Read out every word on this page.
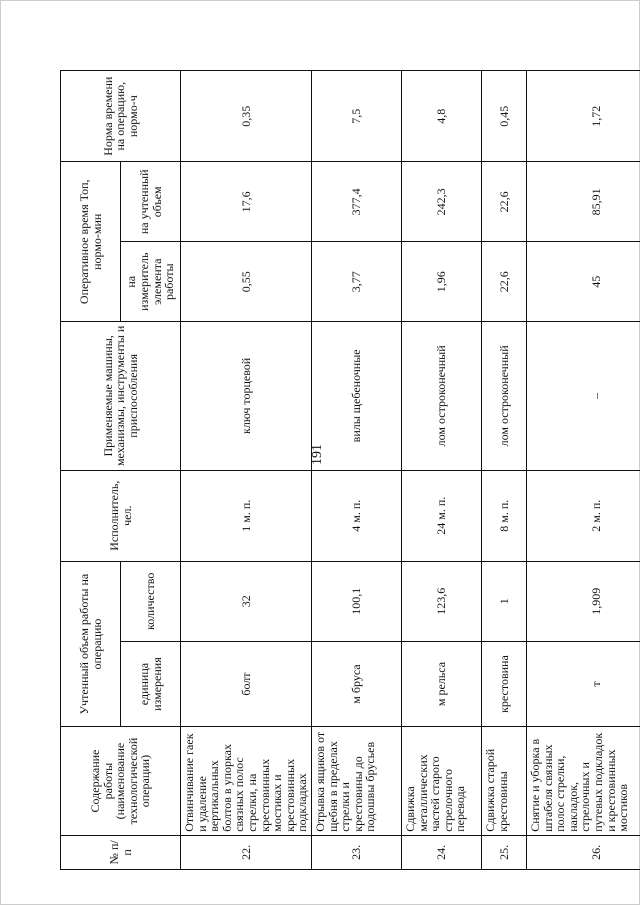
191
№ п/п	Содержание работы (наименование технологической операции)	Учтенный объем работы на операцию		Исполнитель, чел.	Применяемые машины, механизмы, инструменты и приспособления	Оперативное время Топ, нормо-мин		Норма времени на операцию, нормо-ч
		единица измерения	количество			на измеритель элемента работы	на учтенный объем	
22.	Отвинчивание гаек и удаление вертикальных болтов в упорках связных полос стрелки, на крестовинных мостиках и крестовинных подкладках	болт	32	1 м. п.	ключ торцевой	0,55	17,6	0,35
23.	Отрывка ящиков от щебня в пределах стрелки и крестовины до подошвы брусьев	м бруса	100,1	4 м. п.	вилы щебеночные	3,77	377,4	7,5
24.	Сдвижка металлических частей старого стрелочного перевода	м рельса	123,6	24 м. п.	лом остроконечный	1,96	242,3	4,8
25.	Сдвижка старой крестовины	крестовина	1	8 м. п.	лом остроконечный	22,6	22,6	0,45
26.	Снятие и уборка в штабеля связных полос стрелки, накладок, стрелочных и путевых подкладок и крестовинных мостиков	т	1,909	2 м. п.	–	45	85,91	1,72
